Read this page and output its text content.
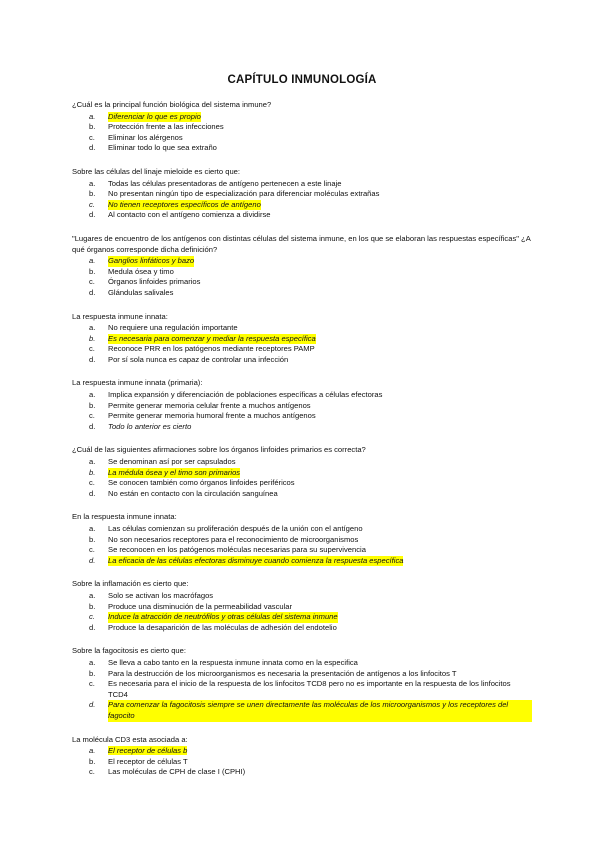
CAPÍTULO INMUNOLOGÍA
¿Cuál es la principal función biológica del sistema inmune?
a.	Diferenciar lo que es propio
b.	Protección frente a las infecciones
c.	Eliminar los alérgenos
d.	Eliminar todo lo que sea extraño
Sobre las células del linaje mieloide es cierto que:
a.	Todas las células presentadoras de antígeno pertenecen a este linaje
b.	No presentan ningún tipo de especialización para diferenciar moléculas extrañas
c.	No tienen receptores específicos de antígeno
d.	Al contacto con el antígeno comienza a dividirse
"Lugares de encuentro de los antígenos con distintas células del sistema inmune, en los que se elaboran las respuestas específicas" ¿A qué órganos corresponde dicha definición?
a.	Ganglios linfáticos y bazo
b.	Medula ósea y timo
c.	Órganos linfoides primarios
d.	Glándulas salivales
La respuesta inmune innata:
a.	No requiere una regulación importante
b.	Es necesaria para comenzar y mediar la respuesta específica
c.	Reconoce PRR en los patógenos mediante receptores PAMP
d.	Por sí sola nunca es capaz de controlar una infección
La respuesta inmune innata (primaria):
a.	Implica expansión y diferenciación de poblaciones específicas a células efectoras
b.	Permite generar memoria celular frente a muchos antígenos
c.	Permite generar memoria humoral frente a muchos antígenos
d.	Todo lo anterior es cierto
¿Cuál de las siguientes afirmaciones sobre los órganos linfoides primarios es correcta?
a.	Se denominan así por ser capsulados
b.	La médula ósea y el timo son primarios
c.	Se conocen también como órganos linfoides periféricos
d.	No están en contacto con la circulación sanguínea
En la respuesta inmune innata:
a.	Las células comienzan su proliferación después de la unión con el antígeno
b.	No son necesarios receptores para el reconocimiento de microorganismos
c.	Se reconocen en los patógenos moléculas necesarias para su supervivencia
d.	La eficacia de las células efectoras disminuye cuando comienza la respuesta específica
Sobre la inflamación es cierto que:
a.	Solo se activan los macrófagos
b.	Produce una disminución de la permeabilidad vascular
c.	Induce la atracción de neutrófilos y otras células del sistema inmune
d.	Produce la desaparición de las moléculas de adhesión del endotelio
Sobre la fagocitosis es cierto que:
a.	Se lleva a cabo tanto en la respuesta inmune innata como en la especifica
b.	Para la destrucción de los microorganismos es necesaria la presentación de antígenos a los linfocitos T
c.	Es necesaria para el inicio de la respuesta de los linfocitos TCD8 pero no es importante en la respuesta de los linfocitos TCD4
d.	Para comenzar la fagocitosis siempre se unen directamente las moléculas de los microorganismos y los receptores del fagocito
La molécula CD3 esta asociada a:
a.	El receptor de células b
b.	El receptor de células T
c.	Las moléculas de CPH de clase I (CPHI)
